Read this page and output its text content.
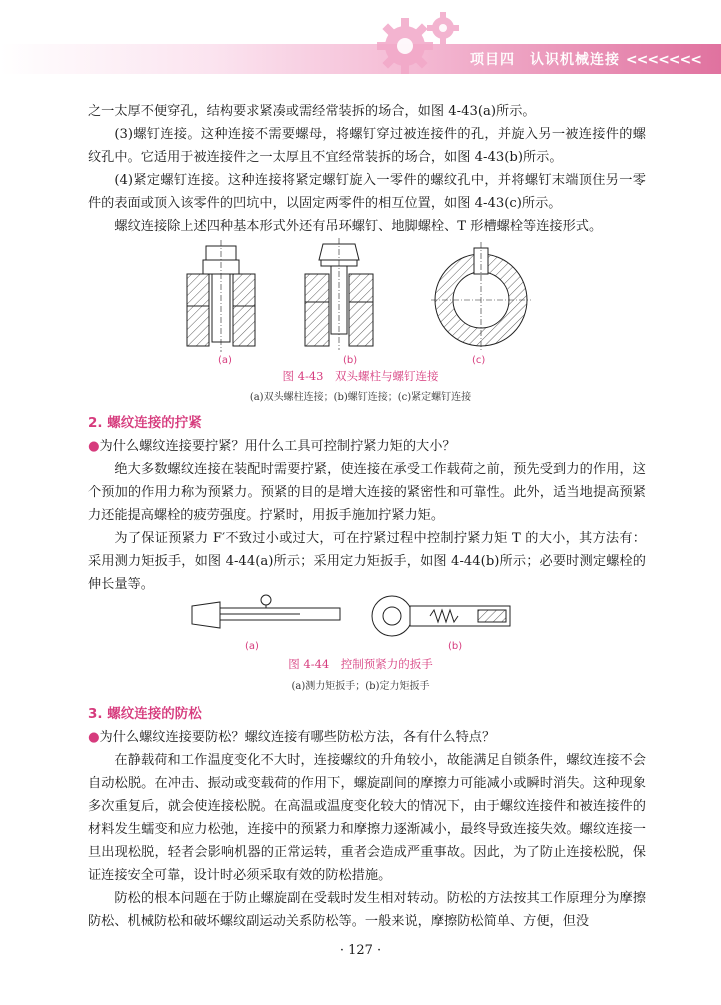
项目四　认识机械连接 <<<<<<<

之一太厚不便穿孔，结构要求紧凑或需经常装拆的场合，如图 4-43(a)所示。

(3)螺钉连接。这种连接不需要螺母，将螺钉穿过被连接件的孔，并旋入另一被连接件的螺纹孔中。它适用于被连接件之一太厚且不宜经常装拆的场合，如图 4-43(b)所示。

(4)紧定螺钉连接。这种连接将紧定螺钉旋入一零件的螺纹孔中，并将螺钉末端顶住另一零件的表面或顶入该零件的凹坑中，以固定两零件的相互位置，如图 4-43(c)所示。

螺纹连接除上述四种基本形式外还有吊环螺钉、地脚螺栓、T 形槽螺栓等连接形式。

(a)	(b)	(c)
图 4-43　双头螺柱与螺钉连接
(a)双头螺柱连接；(b)螺钉连接；(c)紧定螺钉连接

2. 螺纹连接的拧紧

●为什么螺纹连接要拧紧？用什么工具可控制拧紧力矩的大小？

绝大多数螺纹连接在装配时需要拧紧，使连接在承受工作载荷之前，预先受到力的作用，这个预加的作用力称为预紧力。预紧的目的是增大连接的紧密性和可靠性。此外，适当地提高预紧力还能提高螺栓的疲劳强度。拧紧时，用扳手施加拧紧力矩。

为了保证预紧力 F′不致过小或过大，可在拧紧过程中控制拧紧力矩 T 的大小，其方法有：采用测力矩扳手，如图 4-44(a)所示；采用定力矩扳手，如图 4-44(b)所示；必要时测定螺栓的伸长量等。

(a)	(b)
图 4-44　控制预紧力的扳手
(a)测力矩扳手；(b)定力矩扳手

3. 螺纹连接的防松

●为什么螺纹连接要防松？螺纹连接有哪些防松方法，各有什么特点？

在静载荷和工作温度变化不大时，连接螺纹的升角较小，故能满足自锁条件，螺纹连接不会自动松脱。在冲击、振动或变载荷的作用下，螺旋副间的摩擦力可能减小或瞬时消失。这种现象多次重复后，就会使连接松脱。在高温或温度变化较大的情况下，由于螺纹连接件和被连接件的材料发生蠕变和应力松弛，连接中的预紧力和摩擦力逐渐减小，最终导致连接失效。螺纹连接一旦出现松脱，轻者会影响机器的正常运转，重者会造成严重事故。因此，为了防止连接松脱，保证连接安全可靠，设计时必须采取有效的防松措施。

防松的根本问题在于防止螺旋副在受载时发生相对转动。防松的方法按其工作原理分为摩擦防松、机械防松和破坏螺纹副运动关系防松等。一般来说，摩擦防松简单、方便，但没

· 127 ·
